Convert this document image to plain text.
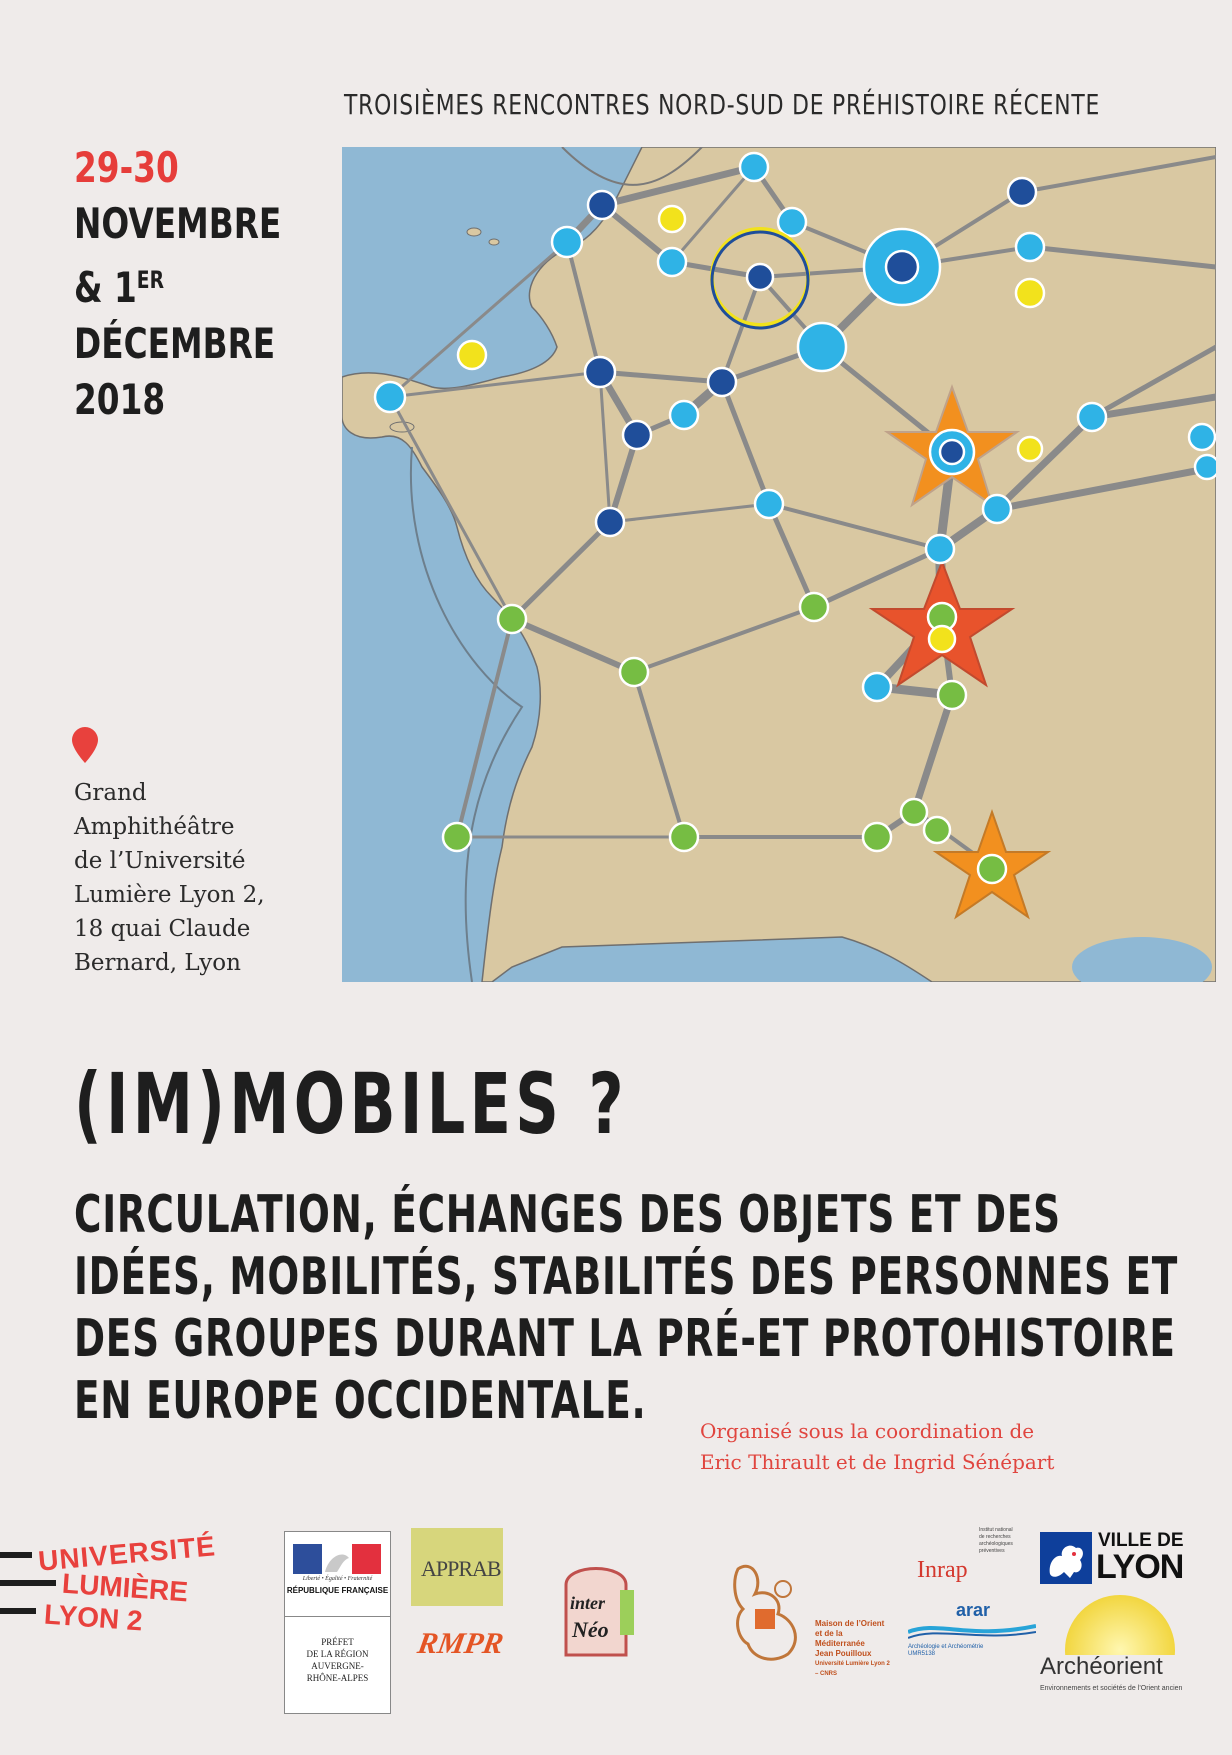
TROISIÈMES RENCONTRES NORD-SUD DE PRÉHISTOIRE RÉCENTE
29-30
NOVEMBRE
& 1ER
DÉCEMBRE
2018
Grand
Amphithéâtre
de l’Université
Lumière Lyon 2,
18 quai Claude
Bernard, Lyon
(IM)MOBILES ?
CIRCULATION, ÉCHANGES DES OBJETS ET DES
IDÉES, MOBILITÉS, STABILITÉS DES PERSONNES ET
DES GROUPES DURANT LA PRÉ-ET PROTOHISTOIRE
EN EUROPE OCCIDENTALE.	Organisé sous la coordination de
Eric Thirault et de Ingrid Sénépart
UNIVERSITÉ
LUMIÈRE
LYON 2
Liberté • Égalité • Fraternité
RÉPUBLIQUE FRANÇAISE
PRÉFET
DE LA RÉGION
AUVERGNE-
RHÔNE-ALPES
APPRAB
RMPR
inter
Néo	Maison de l’Orient
et de la Méditerranée
Jean Pouilloux
Université Lumière Lyon 2 – CNRS
Institut national
de recherches
archéologiques
préventives
Inrap
arar
Archéologie et Archéométrie
UMR5138
VILLE DE
LYON
Archéorient
Environnements et sociétés de l’Orient ancien
